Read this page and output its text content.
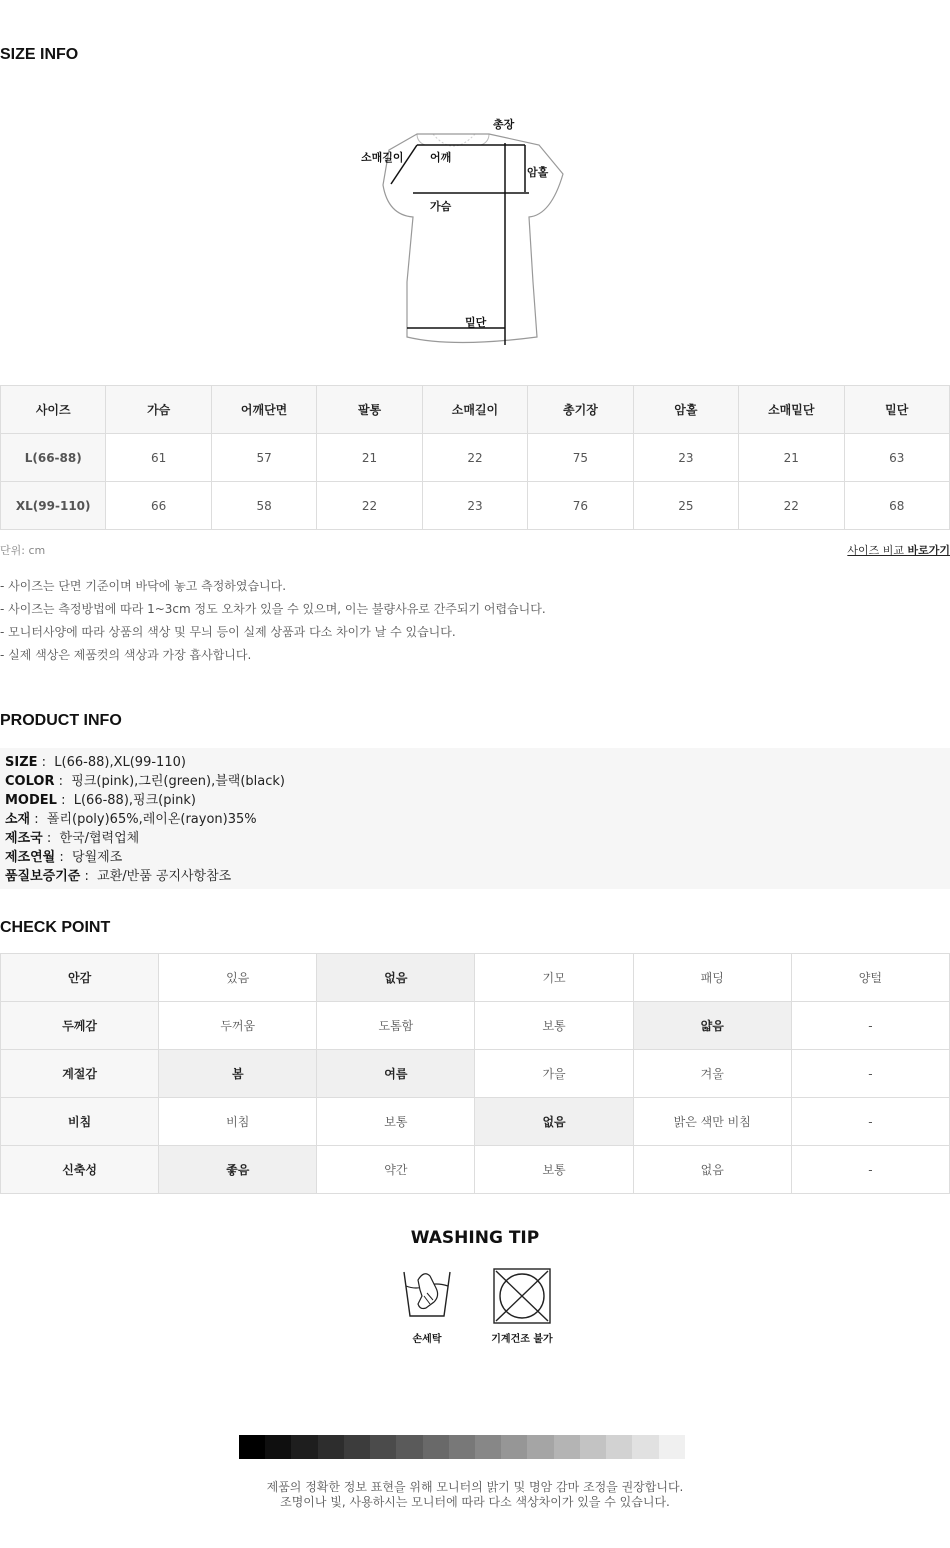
SIZE INFO
총장
소매길이 어깨
암홀
가슴
밑단
사이즈	가슴	어깨단면	팔통	소매길이	총기장	암홀	소매밑단	밑단
L(66-88)	61	57	21	22	75	23	21	63
XL(99-110)	66	58	22	23	76	25	22	68
단위: cm	사이즈 비교 바로가기
- 사이즈는 단면 기준이며 바닥에 놓고 측정하였습니다.
- 사이즈는 측정방법에 따라 1~3cm 정도 오차가 있을 수 있으며, 이는 불량사유로 간주되기 어렵습니다.
- 모니터사양에 따라 상품의 색상 및 무늬 등이 실제 상품과 다소 차이가 날 수 있습니다.
- 실제 색상은 제품컷의 색상과 가장 흡사합니다.
PRODUCT INFO
SIZE :  L(66-88),XL(99-110)
COLOR :  핑크(pink),그린(green),블랙(black)
MODEL :  L(66-88),핑크(pink)
소재 :  폴리(poly)65%,레이온(rayon)35%
제조국 :  한국/협력업체
제조연월 :  당월제조
품질보증기준 :  교환/반품 공지사항참조
CHECK POINT
안감	있음	없음	기모	패딩	양털
두께감	두꺼움	도톰함	보통	얇음	-
계절감	봄	여름	가을	겨울	-
비침	비침	보통	없음	밝은 색만 비침	-
신축성	좋음	약간	보통	없음	-
WASHING TIP
손세탁	기계건조 불가
제품의 정확한 정보 표현을 위해 모니터의 밝기 및 명암 감마 조정을 권장합니다.
조명이나 빛, 사용하시는 모니터에 따라 다소 색상차이가 있을 수 있습니다.
